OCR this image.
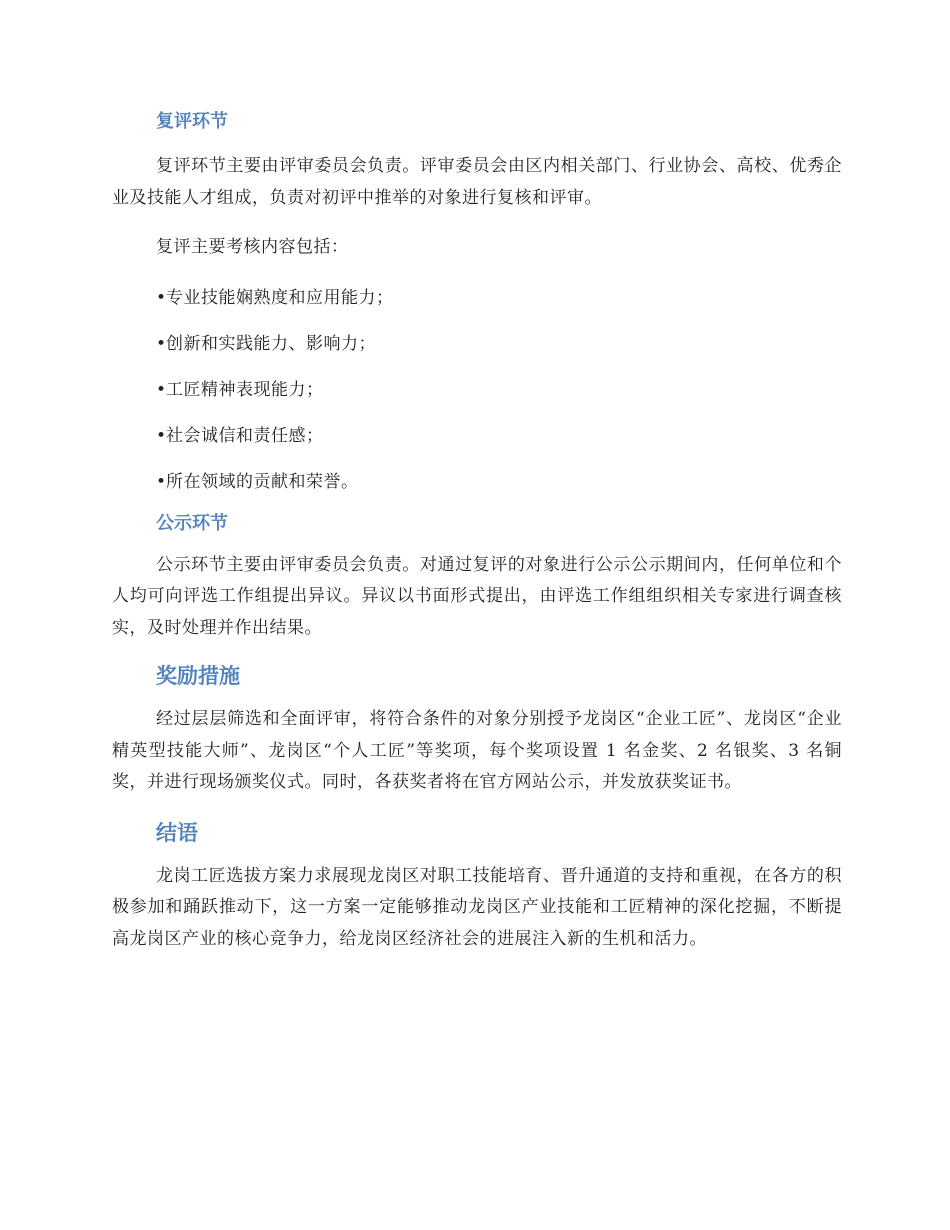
复评环节

复评环节主要由评审委员会负责。评审委员会由区内相关部门、行业协会、高校、优秀企业及技能人才组成，负责对初评中推举的对象进行复核和评审。

复评主要考核内容包括：

•专业技能娴熟度和应用能力；
•创新和实践能力、影响力；
•工匠精神表现能力；
•社会诚信和责任感；
•所在领域的贡献和荣誉。
公示环节

公示环节主要由评审委员会负责。对通过复评的对象进行公示公示期间内，任何单位和个人均可向评选工作组提出异议。异议以书面形式提出，由评选工作组组织相关专家进行调查核实，及时处理并作出结果。

奖励措施

经过层层筛选和全面评审，将符合条件的对象分别授予龙岗区“企业工匠”、龙岗区“企业精英型技能大师”、龙岗区“个人工匠”等奖项，每个奖项设置 1 名金奖、2 名银奖、3 名铜奖，并进行现场颁奖仪式。同时，各获奖者将在官方网站公示，并发放获奖证书。

结语

龙岗工匠选拔方案力求展现龙岗区对职工技能培育、晋升通道的支持和重视，在各方的积极参加和踊跃推动下，这一方案一定能够推动龙岗区产业技能和工匠精神的深化挖掘，不断提高龙岗区产业的核心竞争力，给龙岗区经济社会的进展注入新的生机和活力。
